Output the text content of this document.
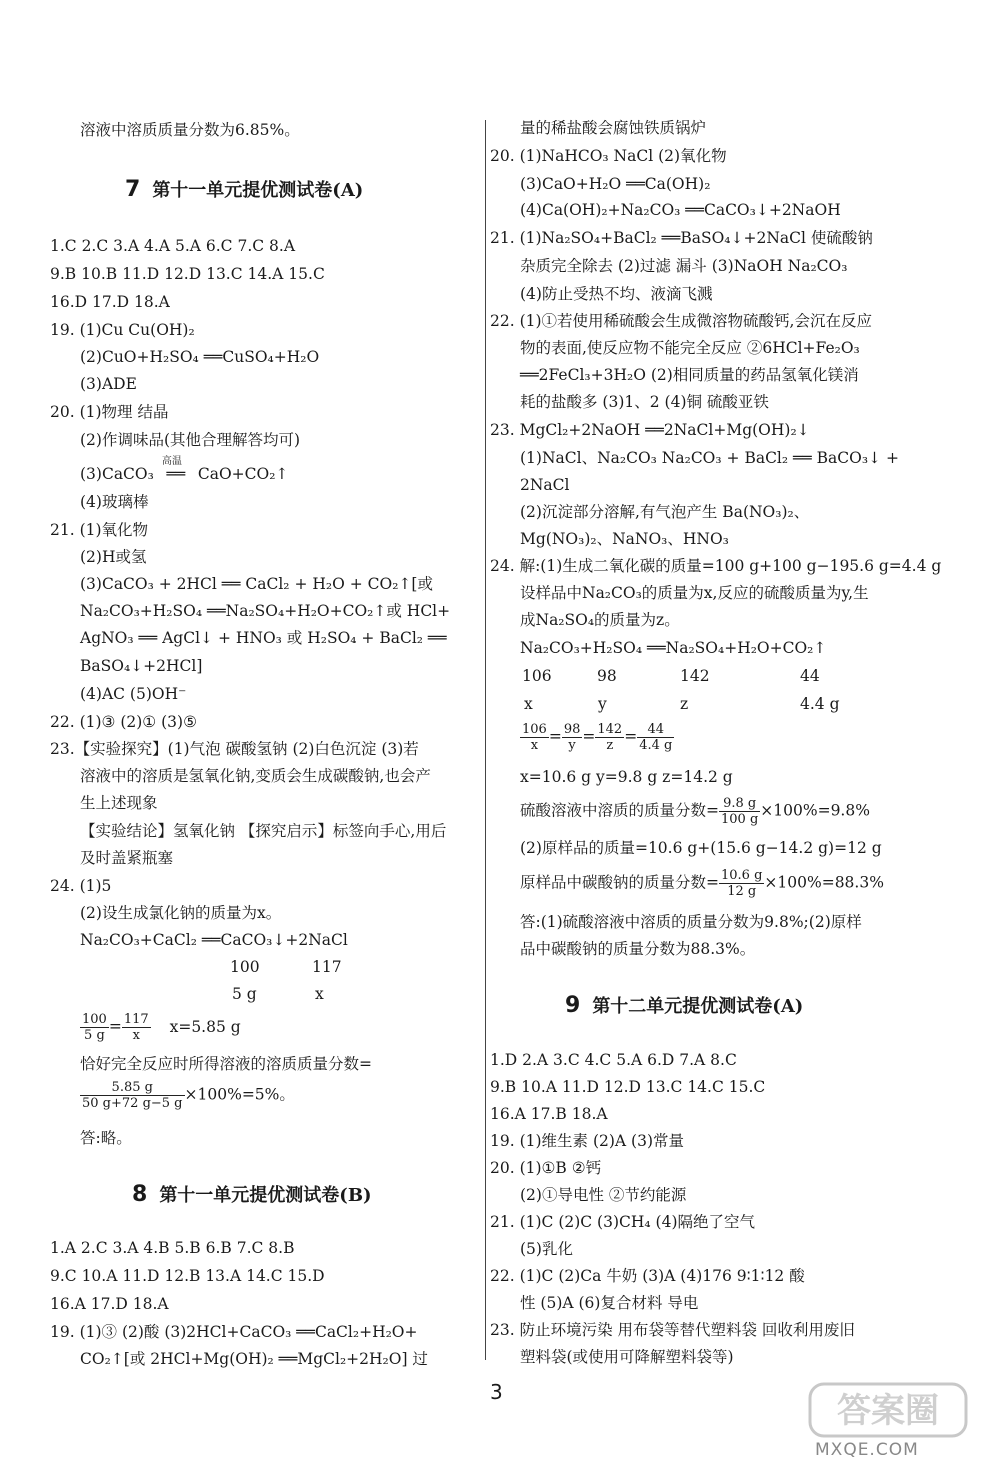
溶液中溶质质量分数为6.85%。
7 第十一单元提优测试卷(A)
1.C 2.C 3.A 4.A 5.A 6.C 7.C 8.A
9.B 10.B 11.D 12.D 13.C 14.A 15.C
16.D 17.D 18.A
19. (1)Cu Cu(OH)₂
(2)CuO+H₂SO₄ ══CuSO₄+H₂O
(3)ADE
20. (1)物理 结晶
(2)作调味品(其他合理解答均可)
(3)CaCO₃
高温
══ CaO+CO₂↑
(4)玻璃棒
21. (1)氧化物
(2)H或氢
(3)CaCO₃ + 2HCl ══ CaCl₂ + H₂O + CO₂↑[或
Na₂CO₃+H₂SO₄ ══Na₂SO₄+H₂O+CO₂↑或 HCl+
AgNO₃ ══ AgCl↓ + HNO₃ 或 H₂SO₄ + BaCl₂ ══
BaSO₄↓+2HCl]
(4)AC (5)OH⁻
22. (1)③ (2)① (3)⑤
23.【实验探究】(1)气泡 碳酸氢钠 (2)白色沉淀 (3)若
溶液中的溶质是氢氧化钠,变质会生成碳酸钠,也会产
生上述现象
【实验结论】氢氧化钠 【探究启示】标签向手心,用后
及时盖紧瓶塞
24. (1)5
(2)设生成氯化钠的质量为x。
Na₂CO₃+CaCl₂ ══CaCO₃↓+2NaCl
100	117
5 g	x
$\frac{100}{5 g} = \frac{117}{x} x=5.85$ g
恰好完全反应时所得溶液的溶质质量分数=
$\frac{5.85 g}{50 g+72 g-5 g} \times 100\%=5\%$。
答:略。
8 第十一单元提优测试卷(B)
1.A 2.C 3.A 4.B 5.B 6.B 7.C 8.B
9.C 10.A 11.D 12.B 13.A 14.C 15.D
16.A 17.D 18.A
19. (1)③ (2)酸 (3)2HCl+CaCO₃ ══CaCl₂+H₂O+
CO₂↑[或 2HCl+Mg(OH)₂ ══MgCl₂+2H₂O] 过
量的稀盐酸会腐蚀铁质锅炉
20. (1)NaHCO₃ NaCl (2)氧化物
(3)CaO+H₂O ══Ca(OH)₂
(4)Ca(OH)₂+Na₂CO₃ ══CaCO₃↓+2NaOH
21. (1)Na₂SO₄+BaCl₂ ══BaSO₄↓+2NaCl 使硫酸钠
杂质完全除去 (2)过滤 漏斗 (3)NaOH Na₂CO₃
(4)防止受热不均、液滴飞溅
22. (1)①若使用稀硫酸会生成微溶物硫酸钙,会沉在反应
物的表面,使反应物不能完全反应 ②6HCl+Fe₂O₃
══2FeCl₃+3H₂O (2)相同质量的药品氢氧化镁消
耗的盐酸多 (3)1、2 (4)铜 硫酸亚铁
23. MgCl₂+2NaOH ══2NaCl+Mg(OH)₂↓
(1)NaCl、Na₂CO₃ Na₂CO₃ + BaCl₂ ══ BaCO₃↓ +
2NaCl
(2)沉淀部分溶解,有气泡产生 Ba(NO₃)₂、
Mg(NO₃)₂、NaNO₃、HNO₃
24. 解:(1)生成二氧化碳的质量=100 g+100 g−195.6 g=4.4 g
设样品中Na₂CO₃的质量为x,反应的硫酸质量为y,生
成Na₂SO₄的质量为z。
Na₂CO₃+H₂SO₄ ══Na₂SO₄+H₂O+CO₂↑
106	98	142	44
x	y	z	4.4 g
$\frac{106}{x} = \frac{98}{y} = \frac{142}{z} = \frac{44}{4.4 g}$
x=10.6 g y=9.8 g z=14.2 g
硫酸溶液中溶质的质量分数= $\frac{9.8 g}{100 g} \times 100\%=9.8\%$
(2)原样品的质量=10.6 g+(15.6 g−14.2 g)=12 g
原样品中碳酸钠的质量分数= $\frac{10.6 g}{12 g} \times 100\%=88.3\%$
答:(1)硫酸溶液中溶质的质量分数为9.8%;(2)原样
品中碳酸钠的质量分数为88.3%。
9 第十二单元提优测试卷(A)
1.D 2.A 3.C 4.C 5.A 6.D 7.A 8.C
9.B 10.A 11.D 12.D 13.C 14.C 15.C
16.A 17.B 18.A
19. (1)维生素 (2)A (3)常量
20. (1)①B ②钙
(2)①导电性 ②节约能源
21. (1)C (2)C (3)CH₄ (4)隔绝了空气
(5)乳化
22. (1)C (2)Ca 牛奶 (3)A (4)176 9∶1∶12 酸
性 (5)A (6)复合材料 导电
23. 防止环境污染 用布袋等替代塑料袋 回收利用废旧
塑料袋(或使用可降解塑料袋等)
3	答案圈
MXQE.COM
